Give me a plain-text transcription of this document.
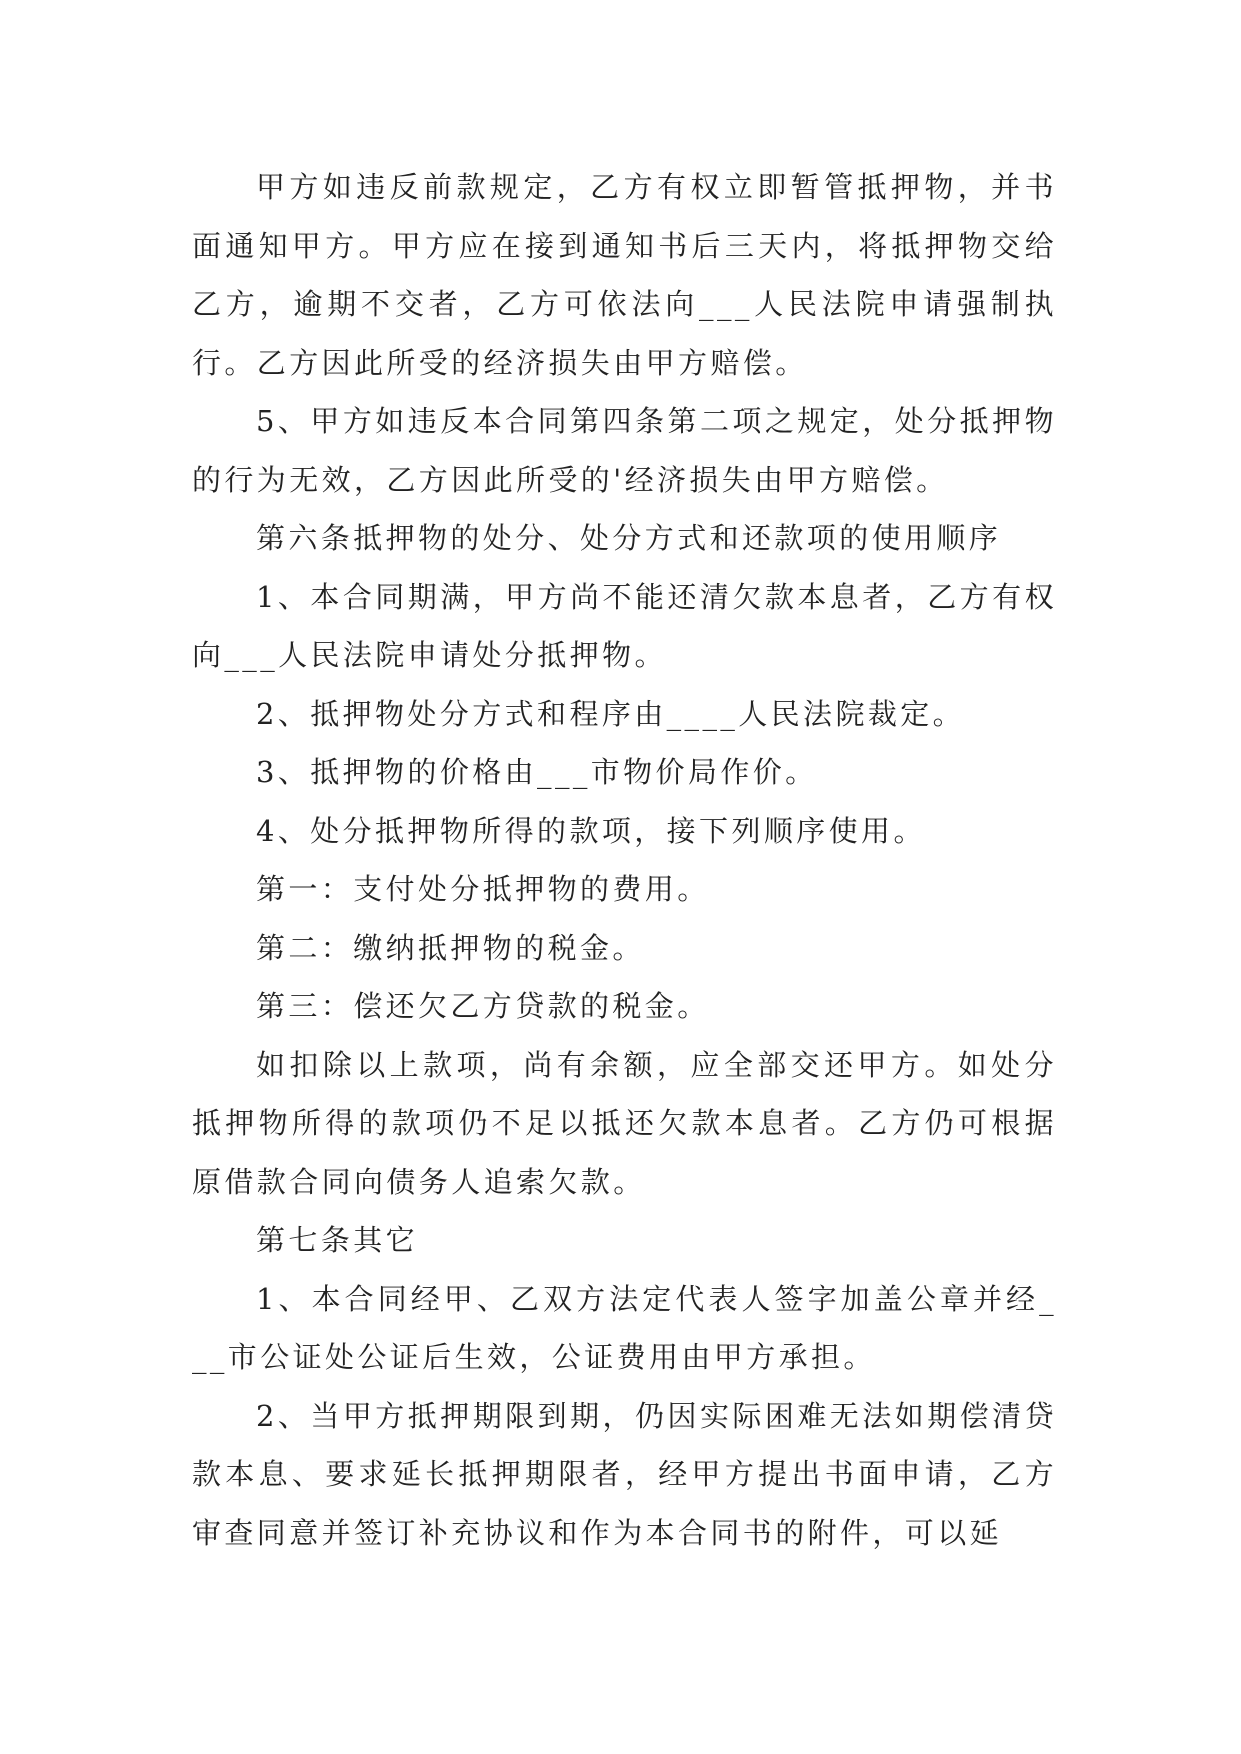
甲方如违反前款规定，乙方有权立即暂管抵押物，并书面通知甲方。甲方应在接到通知书后三天内，将抵押物交给乙方，逾期不交者，乙方可依法向___人民法院申请强制执行。乙方因此所受的经济损失由甲方赔偿。

5、甲方如违反本合同第四条第二项之规定，处分抵押物的行为无效，乙方因此所受的'经济损失由甲方赔偿。

第六条抵押物的处分、处分方式和还款项的使用顺序

1、本合同期满，甲方尚不能还清欠款本息者，乙方有权向___人民法院申请处分抵押物。

2、抵押物处分方式和程序由____人民法院裁定。

3、抵押物的价格由___市物价局作价。

4、处分抵押物所得的款项，接下列顺序使用。

第一：支付处分抵押物的费用。

第二：缴纳抵押物的税金。

第三：偿还欠乙方贷款的税金。

如扣除以上款项，尚有余额，应全部交还甲方。如处分抵押物所得的款项仍不足以抵还欠款本息者。乙方仍可根据原借款合同向债务人追索欠款。

第七条其它

1、本合同经甲、乙双方法定代表人签字加盖公章并经___市公证处公证后生效，公证费用由甲方承担。

2、当甲方抵押期限到期，仍因实际困难无法如期偿清贷款本息、要求延长抵押期限者，经甲方提出书面申请，乙方审查同意并签订补充协议和作为本合同书的附件，可以延
